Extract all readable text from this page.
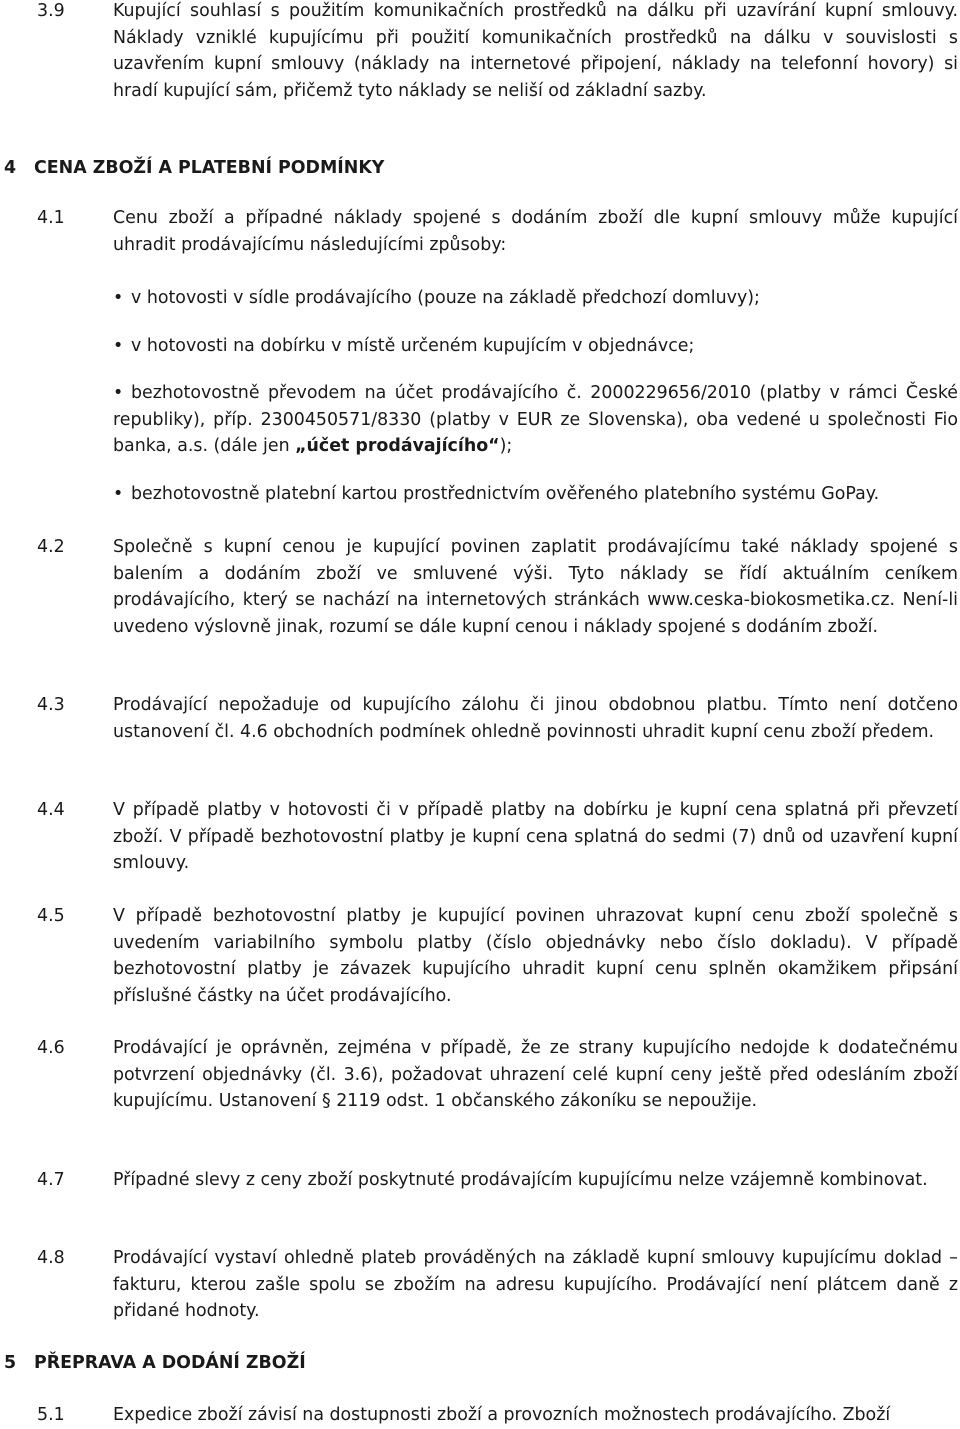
3.9	Kupující souhlasí s použitím komunikačních prostředků na dálku při uzavírání kupní smlouvy. Náklady vzniklé kupujícímu při použití komunikačních prostředků na dálku v souvislosti s uzavřením kupní smlouvy (náklady na internetové připojení, náklady na telefonní hovory) si hradí kupující sám, přičemž tyto náklady se neliší od základní sazby.
4 CENA ZBOŽÍ A PLATEBNÍ PODMÍNKY
4.1	Cenu zboží a případné náklady spojené s dodáním zboží dle kupní smlouvy může kupující uhradit prodávajícímu následujícími způsoby:
• v hotovosti v sídle prodávajícího (pouze na základě předchozí domluvy);
• v hotovosti na dobírku v místě určeném kupujícím v objednávce;
• bezhotovostně převodem na účet prodávajícího č. 2000229656/2010 (platby v rámci České republiky), příp. 2300450571/8330 (platby v EUR ze Slovenska), oba vedené u společnosti Fio banka, a.s. (dále jen „účet prodávajícího“);
• bezhotovostně platební kartou prostřednictvím ověřeného platebního systému GoPay.
4.2	Společně s kupní cenou je kupující povinen zaplatit prodávajícímu také náklady spojené s balením a dodáním zboží ve smluvené výši. Tyto náklady se řídí aktuálním ceníkem prodávajícího, který se nachází na internetových stránkách www.ceska-biokosmetika.cz. Není-li uvedeno výslovně jinak, rozumí se dále kupní cenou i náklady spojené s dodáním zboží.
4.3	Prodávající nepožaduje od kupujícího zálohu či jinou obdobnou platbu. Tímto není dotčeno ustanovení čl. 4.6 obchodních podmínek ohledně povinnosti uhradit kupní cenu zboží předem.
4.4	V případě platby v hotovosti či v případě platby na dobírku je kupní cena splatná při převzetí zboží. V případě bezhotovostní platby je kupní cena splatná do sedmi (7) dnů od uzavření kupní smlouvy.
4.5	V případě bezhotovostní platby je kupující povinen uhrazovat kupní cenu zboží společně s uvedením variabilního symbolu platby (číslo objednávky nebo číslo dokladu). V případě bezhotovostní platby je závazek kupujícího uhradit kupní cenu splněn okamžikem připsání příslušné částky na účet prodávajícího.
4.6	Prodávající je oprávněn, zejména v případě, že ze strany kupujícího nedojde k dodatečnému potvrzení objednávky (čl. 3.6), požadovat uhrazení celé kupní ceny ještě před odesláním zboží kupujícímu. Ustanovení § 2119 odst. 1 občanského zákoníku se nepoužije.
4.7	Případné slevy z ceny zboží poskytnuté prodávajícím kupujícímu nelze vzájemně kombinovat.
4.8	Prodávající vystaví ohledně plateb prováděných na základě kupní smlouvy kupujícímu doklad – fakturu, kterou zašle spolu se zbožím na adresu kupujícího. Prodávající není plátcem daně z přidané hodnoty.
5 PŘEPRAVA A DODÁNÍ ZBOŽÍ
5.1	Expedice zboží závisí na dostupnosti zboží a provozních možnostech prodávajícího. Zboží
